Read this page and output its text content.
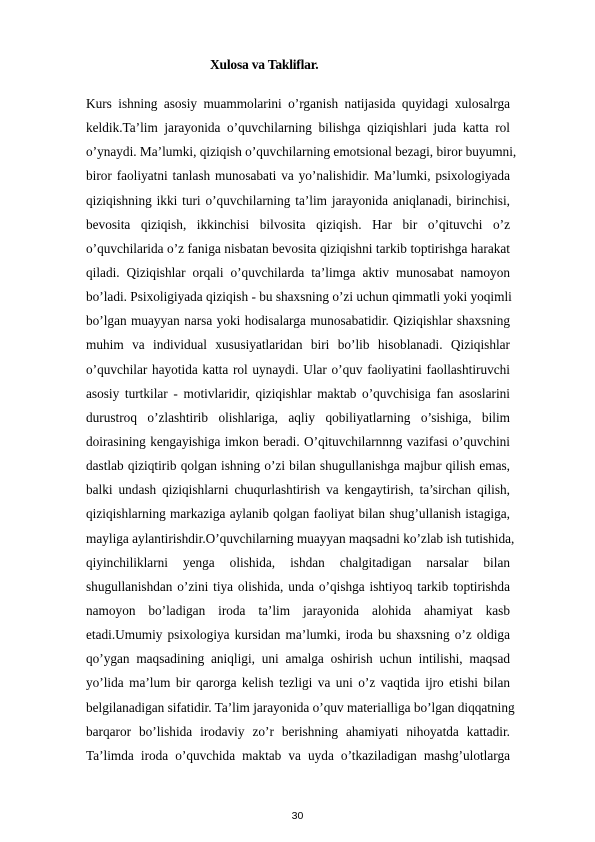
Xulosa va Takliflar.
Kurs ishning asosiy muammolarini o’rganish natijasida quyidagi xulosalrga
keldik.Ta’lim jarayonida o’quvchilarning bilishga qiziqishlari juda katta rol
o’ynaydi. Ma’lumki, qiziqish o’quvchilarning emotsional bezagi, biror buyumni,
biror faoliyatni tanlash munosabati va yo’nalishidir. Ma’lumki, psixologiyada
qiziqishning ikki turi o’quvchilarning ta’lim jarayonida aniqlanadi, birinchisi,
bevosita qiziqish, ikkinchisi bilvosita qiziqish. Har bir o’qituvchi o’z
o’quvchilarida o’z faniga nisbatan bevosita qiziqishni tarkib toptirishga harakat
qiladi. Qiziqishlar orqali o’quvchilarda ta’limga aktiv munosabat namoyon
bo’ladi. Psixoligiyada qiziqish - bu shaxsning o’zi uchun qimmatli yoki yoqimli
bo’lgan muayyan narsa yoki hodisalarga munosabatidir. Qiziqishlar shaxsning
muhim va individual xususiyatlaridan biri bo’lib hisoblanadi. Qiziqishlar
o’quvchilar hayotida katta rol uynaydi. Ular o’quv faoliyatini faollashtiruvchi
asosiy turtkilar - motivlaridir, qiziqishlar maktab o’quvchisiga fan asoslarini
durustroq o’zlashtirib olishlariga, aqliy qobiliyatlarning o’sishiga, bilim
doirasining kengayishiga imkon beradi. O’qituvchilarnnng vazifasi o’quvchini
dastlab qiziqtirib qolgan ishning o’zi bilan shugullanishga majbur qilish emas,
balki undash qiziqishlarni chuqurlashtirish va kengaytirish, ta’sirchan qilish,
qiziqishlarning markaziga aylanib qolgan faoliyat bilan shug’ullanish istagiga,
mayliga aylantirishdir.O’quvchilarning muayyan maqsadni ko’zlab ish tutishida,
qiyinchiliklarni yenga olishida, ishdan chalgitadigan narsalar bilan
shugullanishdan o’zini tiya olishida, unda o’qishga ishtiyoq tarkib toptirishda
namoyon bo’ladigan iroda ta’lim jarayonida alohida ahamiyat kasb
etadi.Umumiy psixologiya kursidan ma’lumki, iroda bu shaxsning o’z oldiga
qo’ygan maqsadining aniqligi, uni amalga oshirish uchun intilishi, maqsad
yo’lida ma’lum bir qarorga kelish tezligi va uni o’z vaqtida ijro etishi bilan
belgilanadigan sifatidir. Ta’lim jarayonida o’quv materialliga bo’lgan diqqatning
barqaror bo’lishida irodaviy zo’r berishning ahamiyati nihoyatda kattadir.
Ta’limda iroda o’quvchida maktab va uyda o’tkaziladigan mashg’ulotlarga
30
